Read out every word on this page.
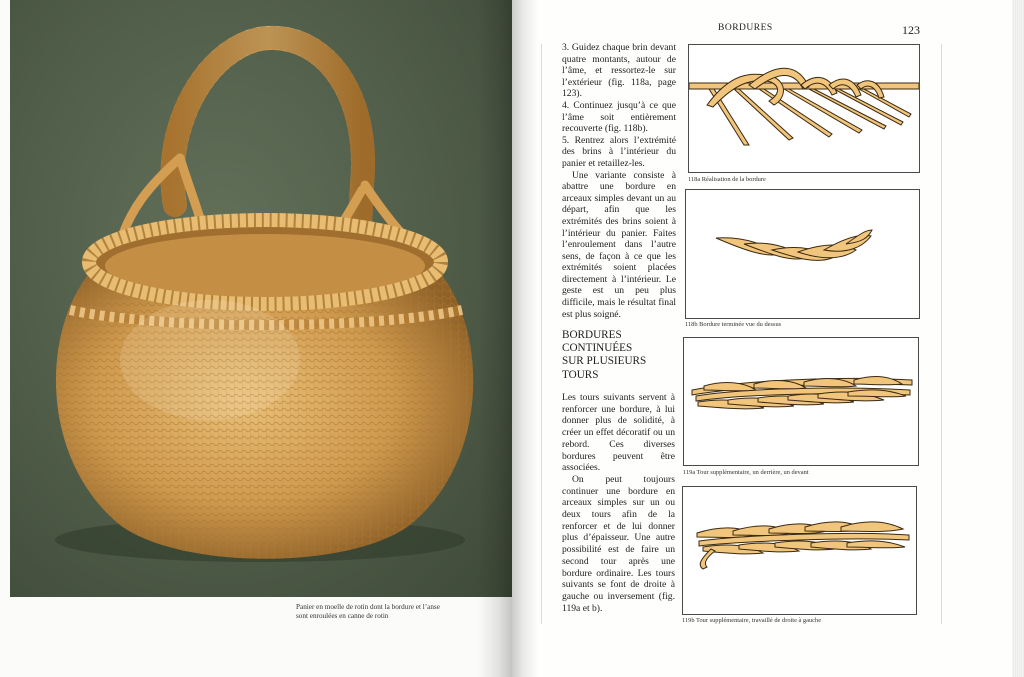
Panier en moelle de rotin dont la bordure et l’anse
sont enroulées en canne de rotin
BORDURES	123

3. Guidez chaque brin devant quatre montants, autour de l’âme, et ressortez-le sur l’extérieur (fig. 118a, page 123).

4. Continuez jusqu’à ce que l’âme soit entièrement recouverte (fig. 118b).

5. Rentrez alors l’extrémité des brins à l’intérieur du panier et retaillez-les.

Une variante consiste à abattre une bordure en arceaux simples devant un au départ, afin que les extrémités des brins soient à l’intérieur du panier. Faites l’enroulement dans l’autre sens, de façon à ce que les extrémités soient placées directement à l’intérieur. Le geste est un peu plus difficile, mais le résultat final est plus soigné.

BORDURES
CONTINUÉES
SUR PLUSIEURS
TOURS

Les tours suivants servent à renforcer une bordure, à lui donner plus de solidité, à créer un effet décoratif ou un rebord. Ces diverses bordures peuvent être associées.

On peut toujours continuer une bordure en arceaux simples sur un ou deux tours afin de la renforcer et de lui donner plus d’épaisseur. Une autre possibilité est de faire un second tour après une bordure ordinaire. Les tours suivants se font de droite à gauche ou inversement (fig. 119a et b).

118a Réalisation de la bordure
118b Bordure terminée vue du dessus
119a Tour supplémentaire, un derrière, un devant
119b Tour supplémentaire, travaillé de droite à gauche
